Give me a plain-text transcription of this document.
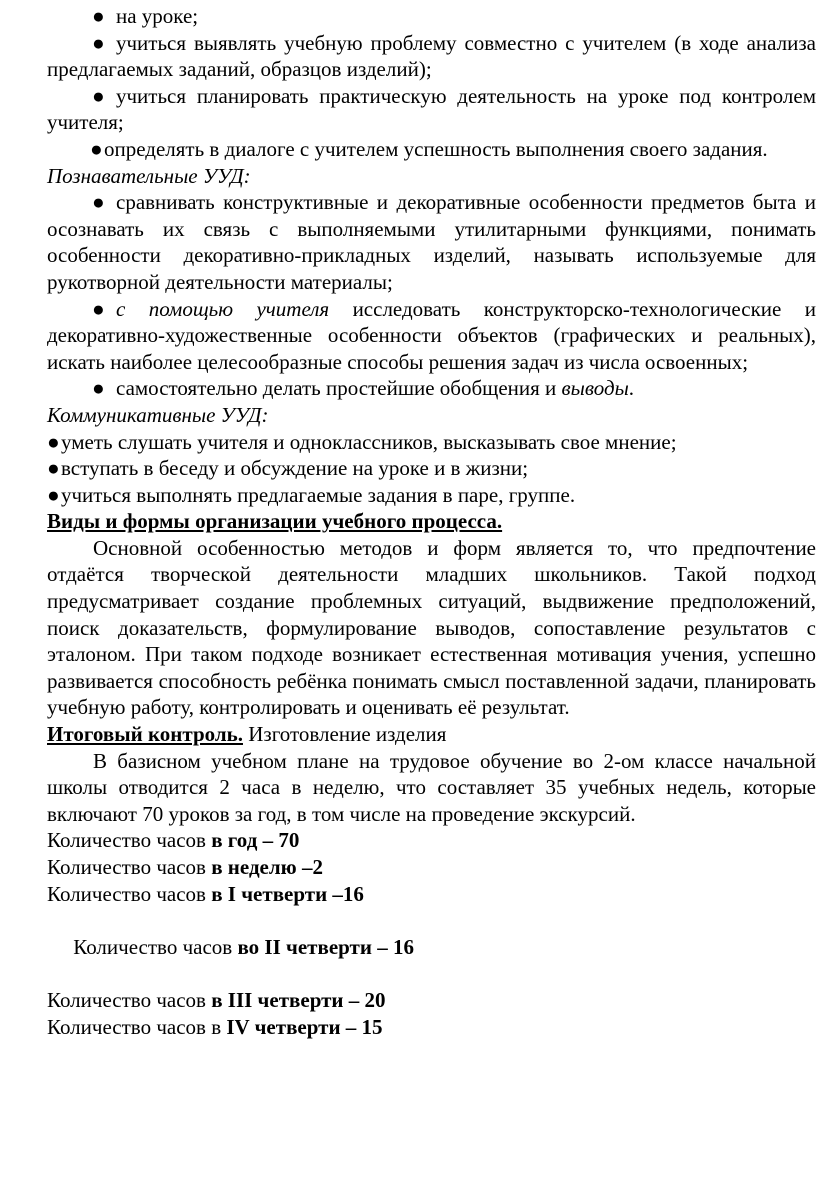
● на уроке;

● учиться выявлять учебную проблему совместно с учителем (в ходе анализа предлагаемых заданий, образцов изделий);

● учиться планировать практическую деятельность на уроке под контролем учителя;

●определять в диалоге с учителем успешность выполнения своего задания.

Познавательные УУД:

● сравнивать конструктивные и декоративные особенности предметов быта и осознавать их связь с выполняемыми утилитарными функциями, понимать особенности декоративно-прикладных изделий, называть используемые для рукотворной деятельности материалы;

● с помощью учителя исследовать конструкторско-технологические и декоративно-художественные особенности объектов (графических и реальных), искать наиболее целесообразные способы решения задач из числа освоенных;

● самостоятельно делать простейшие обобщения и выводы.

Коммуникативные УУД:

●уметь слушать учителя и одноклассников, высказывать свое мнение;

●вступать в беседу и обсуждение на уроке и в жизни;

●учиться выполнять предлагаемые задания в паре, группе.

Виды и формы организации учебного процесса.

Основной особенностью методов и форм является то, что предпочтение отдаётся творческой деятельности младших школьников. Такой подход предусматривает создание проблемных ситуаций, выдвижение предположений, поиск доказательств, формулирование выводов, сопоставление результатов с эталоном. При таком подходе возникает естественная мотивация учения, успешно развивается способность ребёнка понимать смысл поставленной задачи, планировать учебную работу, контролировать и оценивать её результат.

Итоговый контроль. Изготовление изделия

В базисном учебном плане на трудовое обучение во 2-ом классе начальной школы отводится 2 часа в неделю, что составляет 35 учебных недель, которые включают 70 уроков за год, в том числе на проведение экскурсий.

Количество часов в год – 70

Количество часов в неделю –2

Количество часов в I четверти –16

Количество часов во II четверти – 16

Количество часов в III четверти – 20

Количество часов в IV четверти – 15
